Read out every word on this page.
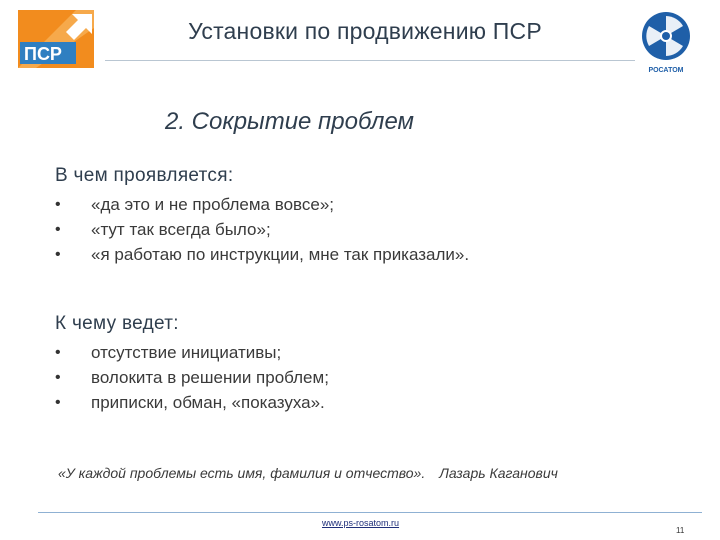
ПСР
Установки по продвижению ПСР
РОСАТОМ
2. Сокрытие проблем
В чем проявляется:
• «да это и не проблема вовсе»;
• «тут так всегда было»;
• «я работаю по инструкции, мне так приказали».
К чему ведет:
• отсутствие инициативы;
• волокита в решении проблем;
• приписки, обман, «показуха».
«У каждой проблемы есть имя, фамилия и отчество». Лазарь Каганович
www.ps-rosatom.ru
11
